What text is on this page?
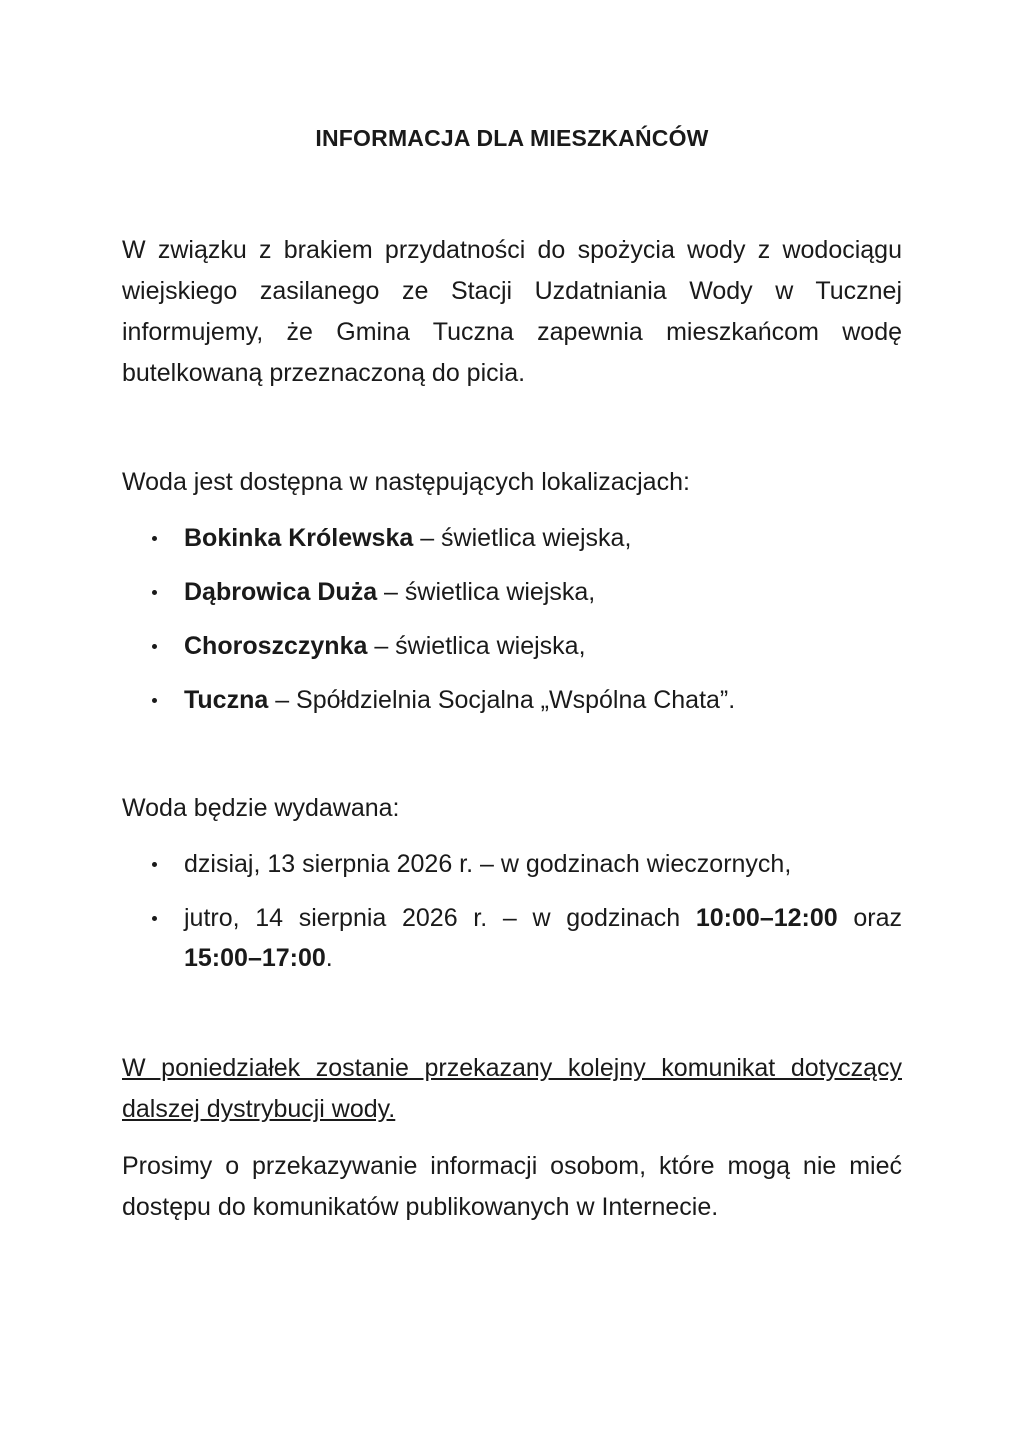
INFORMACJA DLA MIESZKAŃCÓW
W związku z brakiem przydatności do spożycia wody z wodociągu wiejskiego zasilanego ze Stacji Uzdatniania Wody w Tucznej informujemy, że Gmina Tuczna zapewnia mieszkańcom wodę butelkowaną przeznaczoną do picia.
Woda jest dostępna w następujących lokalizacjach:
Bokinka Królewska – świetlica wiejska,
Dąbrowica Duża – świetlica wiejska,
Choroszczynka – świetlica wiejska,
Tuczna – Spółdzielnia Socjalna „Wspólna Chata”.
Woda będzie wydawana:
dzisiaj, 13 sierpnia 2026 r. – w godzinach wieczornych,
jutro, 14 sierpnia 2026 r. – w godzinach 10:00–12:00 oraz 15:00–17:00.
W poniedziałek zostanie przekazany kolejny komunikat dotyczący dalszej dystrybucji wody.
Prosimy o przekazywanie informacji osobom, które mogą nie mieć dostępu do komunikatów publikowanych w Internecie.
